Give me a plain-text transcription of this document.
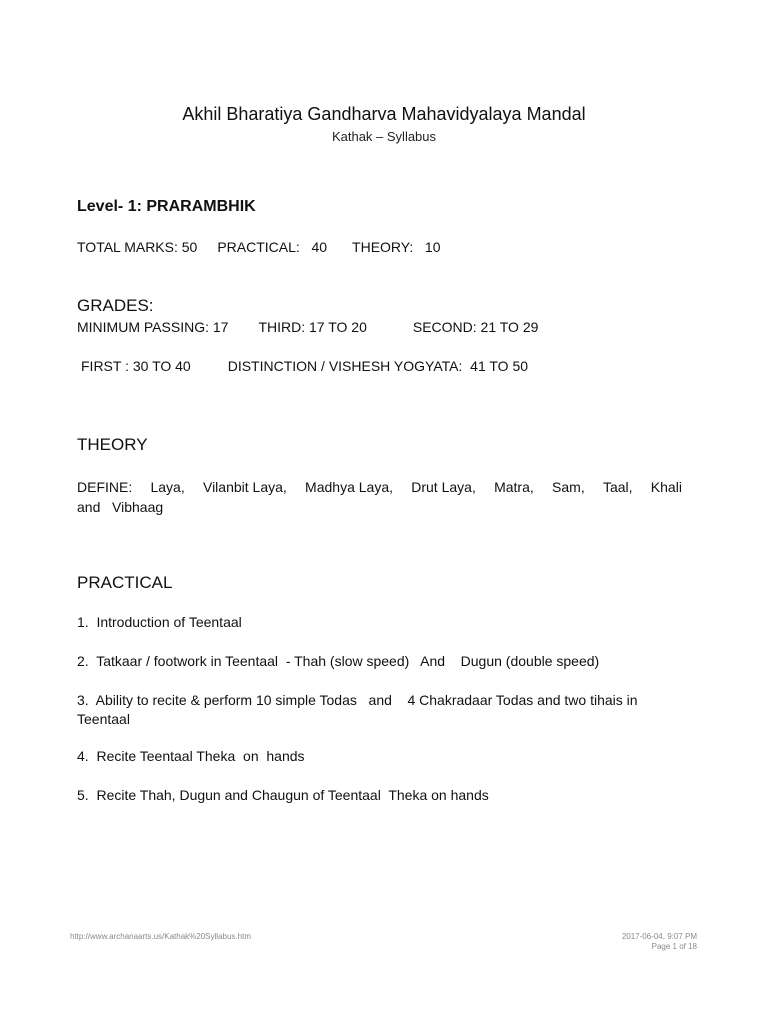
Akhil Bharatiya Gandharva Mahavidyalaya Mandal
Kathak – Syllabus
Level- 1: PRARAMBHIK
TOTAL MARKS: 50 PRACTICAL:   40 THEORY:   10
GRADES:
MINIMUM PASSING: 17 THIRD: 17 TO 20	SECOND: 21 TO 29
FIRST : 30 TO 40	DISTINCTION / VISHESH YOGYATA:  41 TO 50
THEORY
DEFINE: Laya, Vilanbit Laya, Madhya Laya, Drut Laya, Matra, Sam, Taal, Khali
and   Vibhaag
PRACTICAL
1.  Introduction of Teentaal
2.  Tatkaar / footwork in Teentaal  - Thah (slow speed)   And    Dugun (double speed)
3.  Ability to recite & perform 10 simple Todas   and    4 Chakradaar Todas and two tihais in Teentaal
4.  Recite Teentaal Theka  on  hands
5.  Recite Thah, Dugun and Chaugun of Teentaal  Theka on hands
http://www.archanaarts.us/Kathak%20Syllabus.htm	2017-06-04, 9:07 PM
Page 1 of 18
